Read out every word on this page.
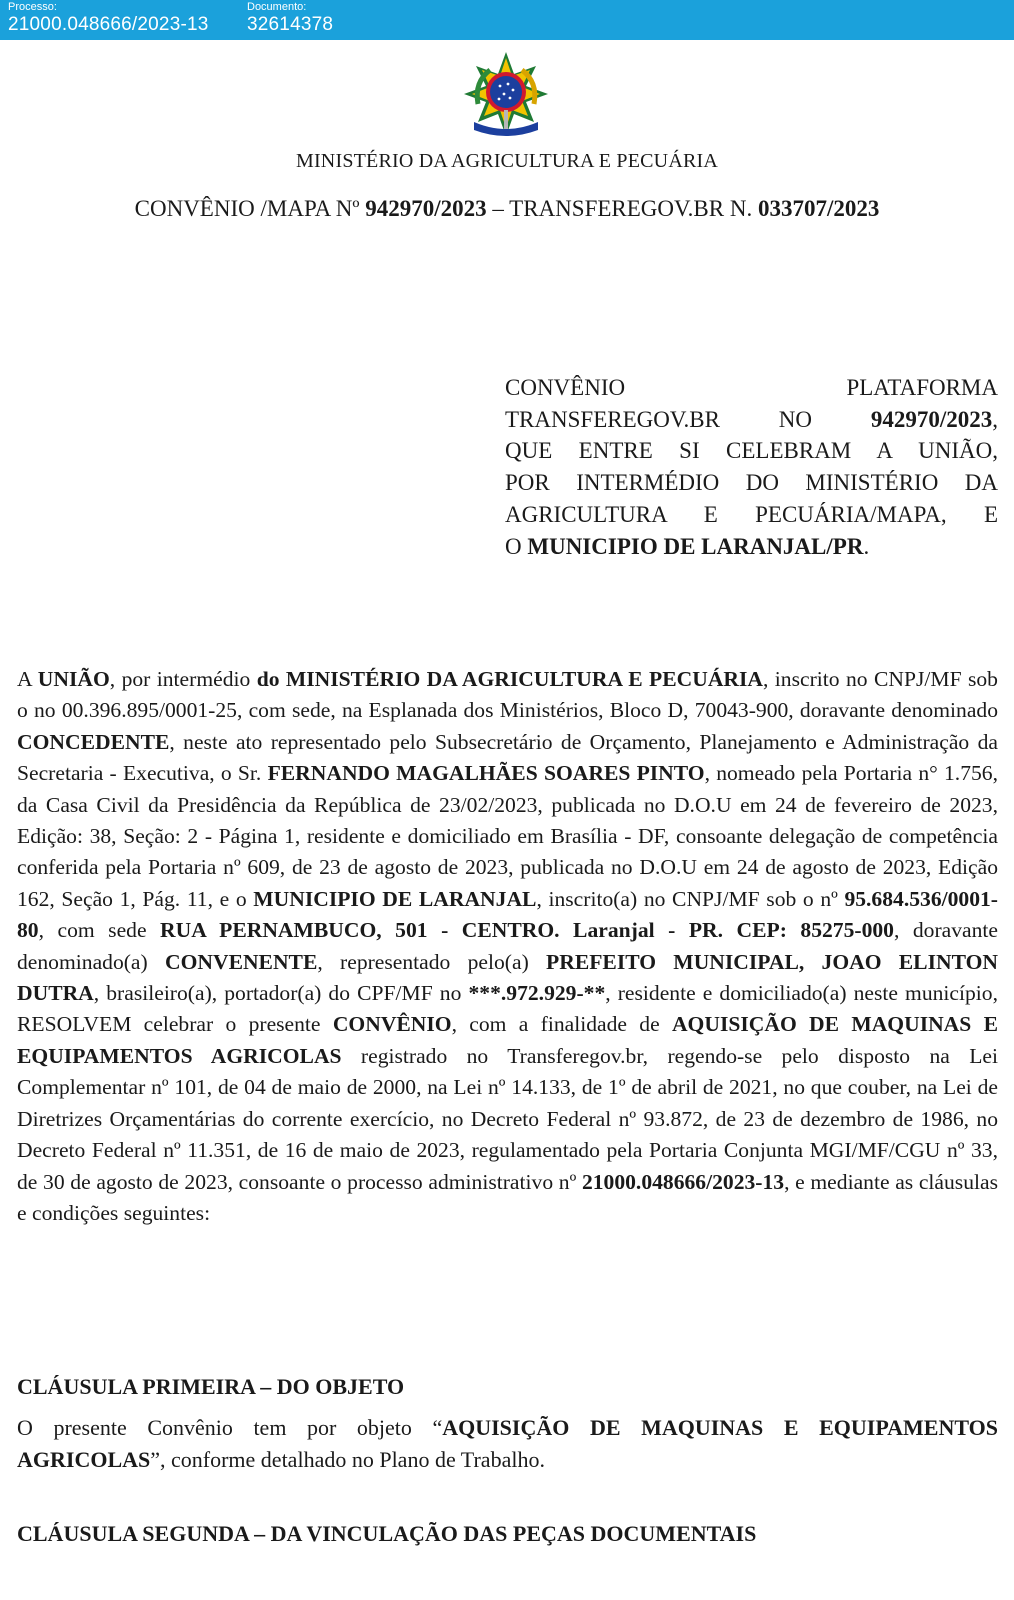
Processo:
21000.048666/2023-13
Documento:
32614378
MINISTÉRIO DA AGRICULTURA E PECUÁRIA
CONVÊNIO /MAPA Nº 942970/2023 – TRANSFEREGOV.BR N. 033707/2023
CONVÊNIO	PLATAFORMA
TRANSFEREGOV.BR NO 942970/2023,
QUE ENTRE SI CELEBRAM A UNIÃO,
POR INTERMÉDIO DO MINISTÉRIO DA
AGRICULTURA E PECUÁRIA/MAPA, E
O MUNICIPIO DE LARANJAL/PR.
A UNIÃO, por intermédio do MINISTÉRIO DA AGRICULTURA E PECUÁRIA, inscrito no CNPJ/MF sob o no 00.396.895/0001-25, com sede, na Esplanada dos Ministérios, Bloco D, 70043-900, doravante denominado CONCEDENTE, neste ato representado pelo Subsecretário de Orçamento, Planejamento e Administração da Secretaria - Executiva, o Sr. FERNANDO MAGALHÃES SOARES PINTO, nomeado pela Portaria n° 1.756, da Casa Civil da Presidência da República de 23/02/2023, publicada no D.O.U em 24 de fevereiro de 2023, Edição: 38, Seção: 2 - Página 1, residente e domiciliado em Brasília - DF, consoante delegação de competência conferida pela Portaria nº 609, de 23 de agosto de 2023, publicada no D.O.U em 24 de agosto de 2023, Edição 162, Seção 1, Pág. 11, e o MUNICIPIO DE LARANJAL, inscrito(a) no CNPJ/MF sob o nº 95.684.536/0001-80, com sede RUA PERNAMBUCO, 501 - CENTRO. Laranjal - PR. CEP: 85275-000, doravante denominado(a) CONVENENTE, representado pelo(a) PREFEITO MUNICIPAL, JOAO ELINTON DUTRA, brasileiro(a), portador(a) do CPF/MF no ***.972.929-**, residente e domiciliado(a) neste município, RESOLVEM celebrar o presente CONVÊNIO, com a finalidade de AQUISIÇÃO DE MAQUINAS E EQUIPAMENTOS AGRICOLAS registrado no Transferegov.br, regendo-se pelo disposto na Lei Complementar nº 101, de 04 de maio de 2000, na Lei nº 14.133, de 1º de abril de 2021, no que couber, na Lei de Diretrizes Orçamentárias do corrente exercício, no Decreto Federal nº 93.872, de 23 de dezembro de 1986, no Decreto Federal nº 11.351, de 16 de maio de 2023, regulamentado pela Portaria Conjunta MGI/MF/CGU nº 33, de 30 de agosto de 2023, consoante o processo administrativo nº 21000.048666/2023-13, e mediante as cláusulas e condições seguintes:
CLÁUSULA PRIMEIRA – DO OBJETO
O presente Convênio tem por objeto “AQUISIÇÃO DE MAQUINAS E EQUIPAMENTOS AGRICOLAS”, conforme detalhado no Plano de Trabalho.
CLÁUSULA SEGUNDA – DA VINCULAÇÃO DAS PEÇAS DOCUMENTAIS
